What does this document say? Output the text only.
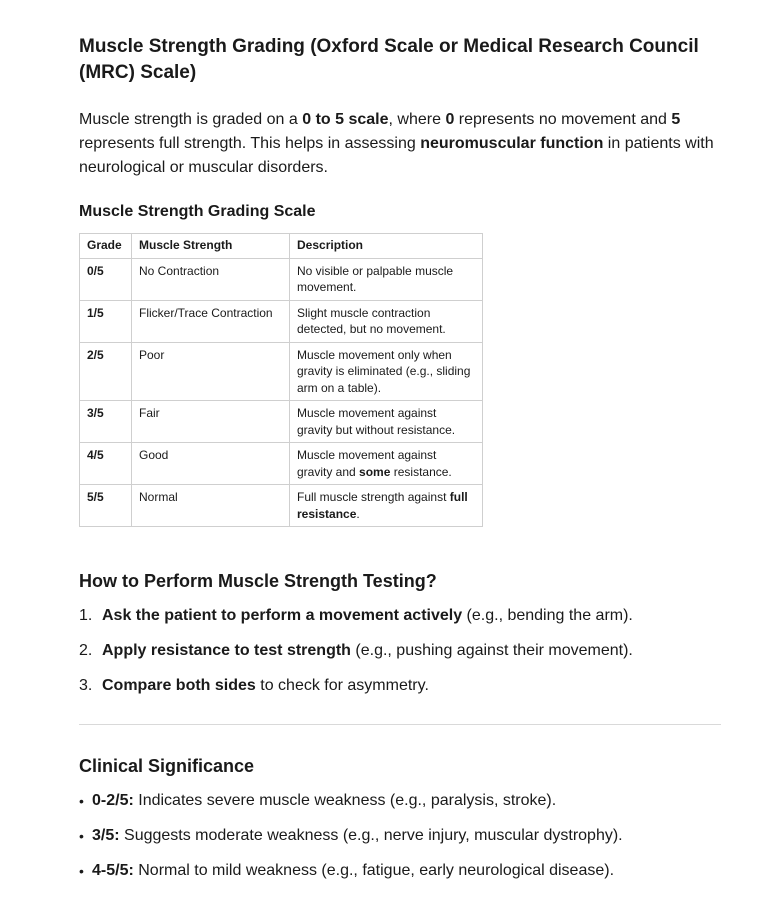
Muscle Strength Grading (Oxford Scale or Medical Research Council (MRC) Scale)

Muscle strength is graded on a 0 to 5 scale, where 0 represents no movement and 5 represents full strength. This helps in assessing neuromuscular function in patients with neurological or muscular disorders.

Muscle Strength Grading Scale
Grade	Muscle Strength	Description
0/5	No Contraction	No visible or palpable muscle movement.
1/5	Flicker/Trace Contraction	Slight muscle contraction detected, but no movement.
2/5	Poor	Muscle movement only when gravity is eliminated (e.g., sliding arm on a table).
3/5	Fair	Muscle movement against gravity but without resistance.
4/5	Good	Muscle movement against gravity and some resistance.
5/5	Normal	Full muscle strength against full resistance.
How to Perform Muscle Strength Testing?
1. Ask the patient to perform a movement actively (e.g., bending the arm).
2. Apply resistance to test strength (e.g., pushing against their movement).
3. Compare both sides to check for asymmetry.
Clinical Significance
• 0-2/5: Indicates severe muscle weakness (e.g., paralysis, stroke).
• 3/5: Suggests moderate weakness (e.g., nerve injury, muscular dystrophy).
• 4-5/5: Normal to mild weakness (e.g., fatigue, early neurological disease).
